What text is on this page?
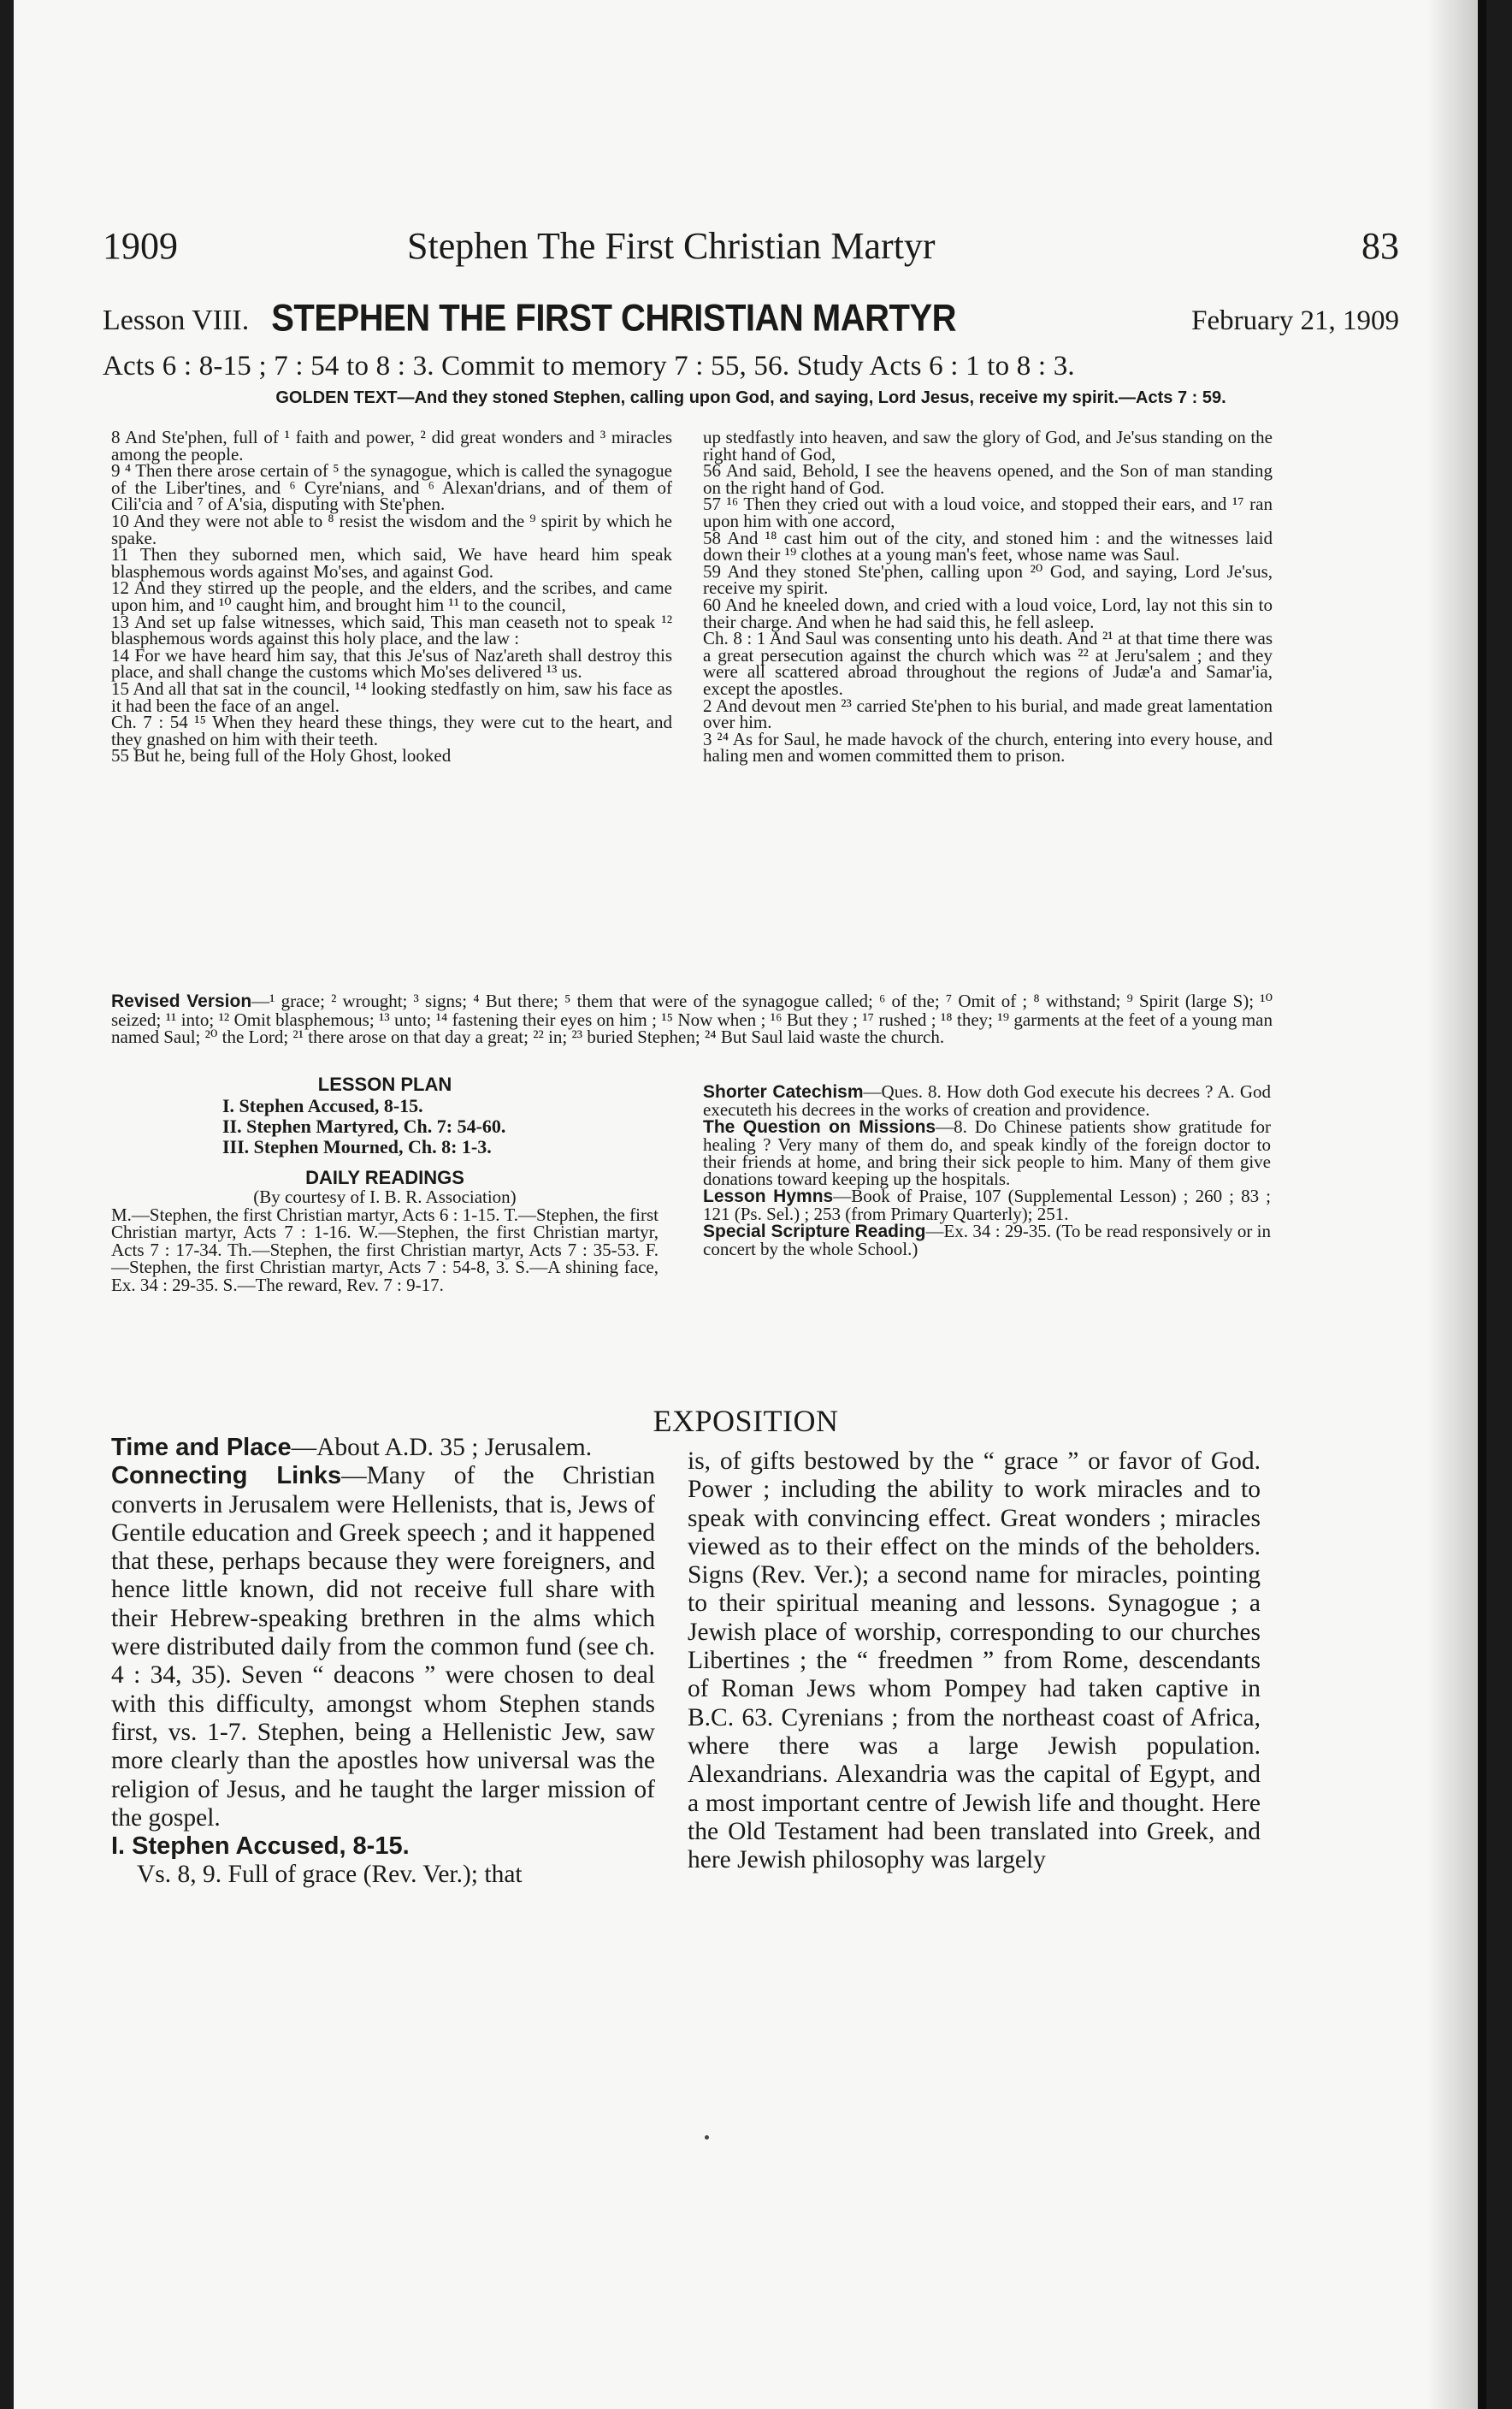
1909	Stephen The First Christian Martyr	83
Lesson VIII. STEPHEN THE FIRST CHRISTIAN MARTYR	February 21, 1909
Acts 6 : 8-15 ; 7 : 54 to 8 : 3. Commit to memory 7 : 55, 56. Study Acts 6 : 1 to 8 : 3.
GOLDEN TEXT—And they stoned Stephen, calling upon God, and saying, Lord Jesus, receive my spirit.—Acts 7 : 59.

8 And Ste'phen, full of ¹ faith and power, ² did great wonders and ³ miracles among the people.

9 ⁴ Then there arose certain of ⁵ the synagogue, which is called the synagogue of the Liber'tines, and ⁶ Cyre'nians, and ⁶ Alexan'drians, and of them of Cili'cia and ⁷ of A'sia, disputing with Ste'phen.

10 And they were not able to ⁸ resist the wisdom and the ⁹ spirit by which he spake.

11 Then they suborned men, which said, We have heard him speak blasphemous words against Mo'ses, and against God.

12 And they stirred up the people, and the elders, and the scribes, and came upon him, and ¹⁰ caught him, and brought him ¹¹ to the council,

13 And set up false witnesses, which said, This man ceaseth not to speak ¹² blasphemous words against this holy place, and the law :

14 For we have heard him say, that this Je'sus of Naz'areth shall destroy this place, and shall change the customs which Mo'ses delivered ¹³ us.

15 And all that sat in the council, ¹⁴ looking stedfastly on him, saw his face as it had been the face of an angel.

Ch. 7 : 54 ¹⁵ When they heard these things, they were cut to the heart, and they gnashed on him with their teeth.

55 But he, being full of the Holy Ghost, looked

up stedfastly into heaven, and saw the glory of God, and Je'sus standing on the right hand of God,

56 And said, Behold, I see the heavens opened, and the Son of man standing on the right hand of God.

57 ¹⁶ Then they cried out with a loud voice, and stopped their ears, and ¹⁷ ran upon him with one accord,

58 And ¹⁸ cast him out of the city, and stoned him : and the witnesses laid down their ¹⁹ clothes at a young man's feet, whose name was Saul.

59 And they stoned Ste'phen, calling upon ²⁰ God, and saying, Lord Je'sus, receive my spirit.

60 And he kneeled down, and cried with a loud voice, Lord, lay not this sin to their charge. And when he had said this, he fell asleep.

Ch. 8 : 1 And Saul was consenting unto his death. And ²¹ at that time there was a great persecution against the church which was ²² at Jeru'salem ; and they were all scattered abroad throughout the regions of Judæ'a and Samar'ia, except the apostles.

2 And devout men ²³ carried Ste'phen to his burial, and made great lamentation over him.

3 ²⁴ As for Saul, he made havock of the church, entering into every house, and haling men and women committed them to prison.

Revised Version—¹ grace; ² wrought; ³ signs; ⁴ But there; ⁵ them that were of the synagogue called; ⁶ of the; ⁷ Omit of ; ⁸ withstand; ⁹ Spirit (large S); ¹⁰ seized; ¹¹ into; ¹² Omit blasphemous; ¹³ unto; ¹⁴ fastening their eyes on him ; ¹⁵ Now when ; ¹⁶ But they ; ¹⁷ rushed ; ¹⁸ they; ¹⁹ garments at the feet of a young man named Saul; ²⁰ the Lord; ²¹ there arose on that day a great; ²² in; ²³ buried Stephen; ²⁴ But Saul laid waste the church.
LESSON PLAN
I. Stephen Accused, 8-15.
II. Stephen Martyred, Ch. 7: 54-60.
III. Stephen Mourned, Ch. 8: 1-3.
DAILY READINGS
(By courtesy of I. B. R. Association)
M.—Stephen, the first Christian martyr, Acts 6 : 1-15. T.—Stephen, the first Christian martyr, Acts 7 : 1-16. W.—Stephen, the first Christian martyr, Acts 7 : 17-34. Th.—Stephen, the first Christian martyr, Acts 7 : 35-53. F.—Stephen, the first Christian martyr, Acts 7 : 54-8, 3. S.—A shining face, Ex. 34 : 29-35. S.—The reward, Rev. 7 : 9-17.
Shorter Catechism—Ques. 8. How doth God execute his decrees ? A. God executeth his decrees in the works of creation and providence.
The Question on Missions—8. Do Chinese patients show gratitude for healing ? Very many of them do, and speak kindly of the foreign doctor to their friends at home, and bring their sick people to him. Many of them give donations toward keeping up the hospitals.
Lesson Hymns—Book of Praise, 107 (Supplemental Lesson) ; 260 ; 83 ; 121 (Ps. Sel.) ; 253 (from Primary Quarterly); 251.
Special Scripture Reading—Ex. 34 : 29-35. (To be read responsively or in concert by the whole School.)
EXPOSITION

Time and Place—About A.D. 35 ; Jerusalem.

Connecting Links—Many of the Christian converts in Jerusalem were Hellenists, that is, Jews of Gentile education and Greek speech ; and it happened that these, perhaps because they were foreigners, and hence little known, did not receive full share with their Hebrew-speaking brethren in the alms which were distributed daily from the common fund (see ch. 4 : 34, 35). Seven “ deacons ” were chosen to deal with this difficulty, amongst whom Stephen stands first, vs. 1-7. Stephen, being a Hellenistic Jew, saw more clearly than the apostles how universal was the religion of Jesus, and he taught the larger mission of the gospel.

I. Stephen Accused, 8-15.

Vs. 8, 9. Full of grace (Rev. Ver.); that

is, of gifts bestowed by the “ grace ” or favor of God. Power ; including the ability to work miracles and to speak with convincing effect. Great wonders ; miracles viewed as to their effect on the minds of the beholders. Signs (Rev. Ver.); a second name for miracles, pointing to their spiritual meaning and lessons. Synagogue ; a Jewish place of worship, corresponding to our churches Libertines ; the “ freedmen ” from Rome, descendants of Roman Jews whom Pompey had taken captive in B.C. 63. Cyrenians ; from the northeast coast of Africa, where there was a large Jewish population. Alexandrians. Alexandria was the capital of Egypt, and a most important centre of Jewish life and thought. Here the Old Testament had been translated into Greek, and here Jewish philosophy was largely
